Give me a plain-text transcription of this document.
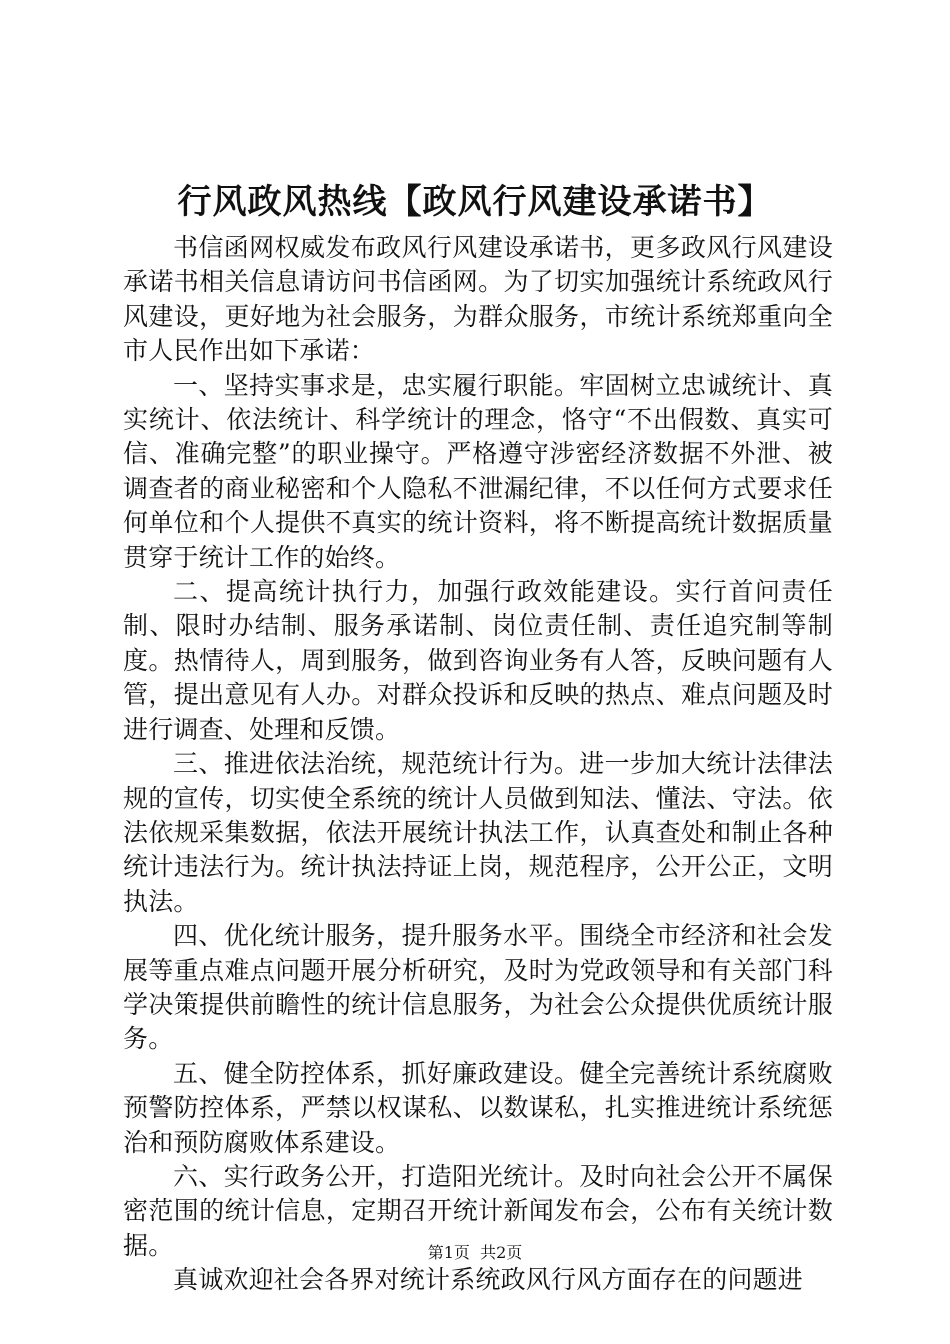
行风政风热线【政风行风建设承诺书】

书信函网权威发布政风行风建设承诺书，更多政风行风建设承诺书相关信息请访问书信函网。为了切实加强统计系统政风行风建设，更好地为社会服务，为群众服务，市统计系统郑重向全市人民作出如下承诺：

一、坚持实事求是，忠实履行职能。牢固树立忠诚统计、真实统计、依法统计、科学统计的理念，恪守“不出假数、真实可信、准确完整”的职业操守。严格遵守涉密经济数据不外泄、被调查者的商业秘密和个人隐私不泄漏纪律，不以任何方式要求任何单位和个人提供不真实的统计资料，将不断提高统计数据质量贯穿于统计工作的始终。

二、提高统计执行力，加强行政效能建设。实行首问责任制、限时办结制、服务承诺制、岗位责任制、责任追究制等制度。热情待人，周到服务，做到咨询业务有人答，反映问题有人管，提出意见有人办。对群众投诉和反映的热点、难点问题及时进行调查、处理和反馈。

三、推进依法治统，规范统计行为。进一步加大统计法律法规的宣传，切实使全系统的统计人员做到知法、懂法、守法。依法依规采集数据，依法开展统计执法工作，认真查处和制止各种统计违法行为。统计执法持证上岗，规范程序，公开公正，文明执法。

四、优化统计服务，提升服务水平。围绕全市经济和社会发展等重点难点问题开展分析研究，及时为党政领导和有关部门科学决策提供前瞻性的统计信息服务，为社会公众提供优质统计服务。

五、健全防控体系，抓好廉政建设。健全完善统计系统腐败预警防控体系，严禁以权谋私、以数谋私，扎实推进统计系统惩治和预防腐败体系建设。

六、实行政务公开，打造阳光统计。及时向社会公开不属保密范围的统计信息，定期召开统计新闻发布会，公布有关统计数据。

真诚欢迎社会各界对统计系统政风行风方面存在的问题进

第1页 共2页
